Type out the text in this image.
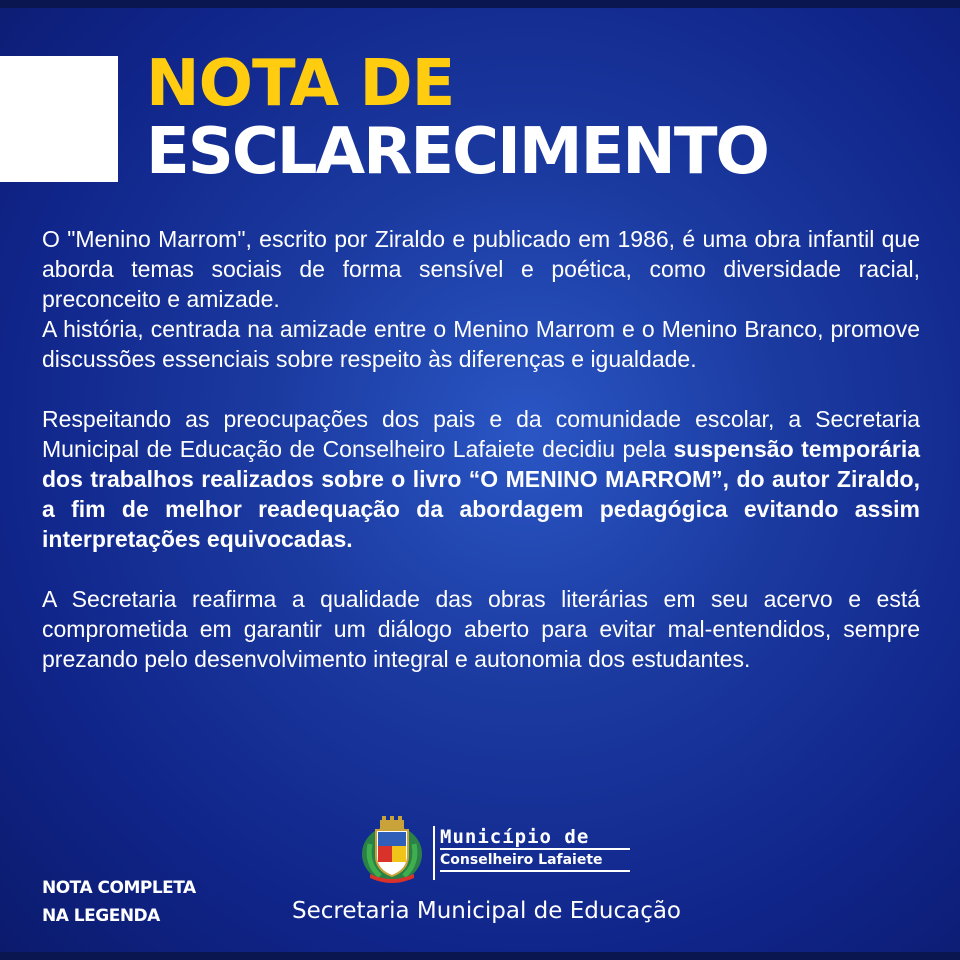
NOTA DE
ESCLARECIMENTO

O "Menino Marrom", escrito por Ziraldo e publicado em 1986, é uma obra infantil que aborda temas sociais de forma sensível e poética, como diversidade racial, preconceito e amizade.

A história, centrada na amizade entre o Menino Marrom e o Menino Branco, promove discussões essenciais sobre respeito às diferenças e igualdade.

Respeitando as preocupações dos pais e da comunidade escolar, a Secretaria Municipal de Educação de Conselheiro Lafaiete decidiu pela suspensão temporária dos trabalhos realizados sobre o livro “O MENINO MARROM”, do autor Ziraldo, a fim de melhor readequação da abordagem pedagógica evitando assim interpretações equivocadas.

A Secretaria reafirma a qualidade das obras literárias em seu acervo e está comprometida em garantir um diálogo aberto para evitar mal-entendidos, sempre prezando pelo desenvolvimento integral e autonomia dos estudantes.

Município de
Conselheiro Lafaiete
NOTA COMPLETA
NA LEGENDA	Secretaria Municipal de Educação
